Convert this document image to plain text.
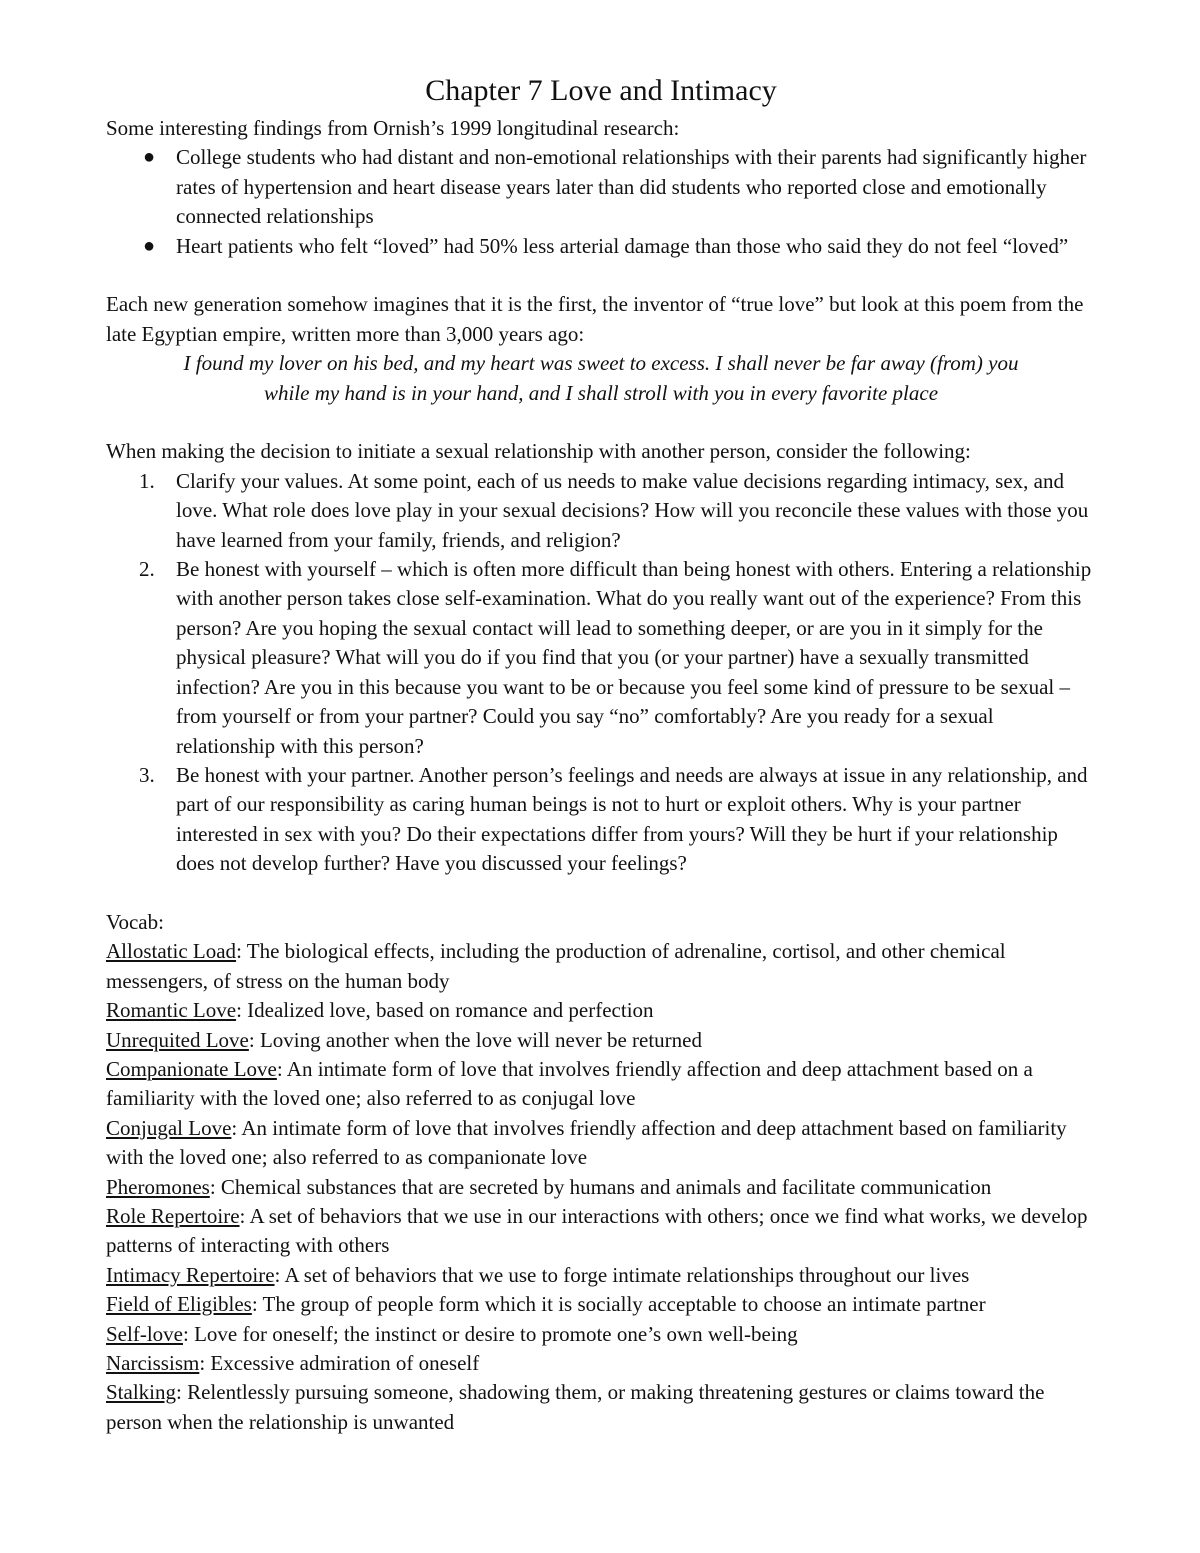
Chapter 7 Love and Intimacy

Some interesting findings from Ornish’s 1999 longitudinal research:

● College students who had distant and non-emotional relationships with their parents had significantly higher rates of hypertension and heart disease years later than did students who reported close and emotionally connected relationships
● Heart patients who felt “loved” had 50% less arterial damage than those who said they do not feel “loved”

Each new generation somehow imagines that it is the first, the inventor of “true love” but look at this poem from the late Egyptian empire, written more than 3,000 years ago:

I found my lover on his bed, and my heart was sweet to excess. I shall never be far away (from) you

while my hand is in your hand, and I shall stroll with you in every favorite place

When making the decision to initiate a sexual relationship with another person, consider the following:

1. Clarify your values. At some point, each of us needs to make value decisions regarding intimacy, sex, and love. What role does love play in your sexual decisions? How will you reconcile these values with those you have learned from your family, friends, and religion?
2. Be honest with yourself – which is often more difficult than being honest with others. Entering a relationship with another person takes close self-examination. What do you really want out of the experience? From this person? Are you hoping the sexual contact will lead to something deeper, or are you in it simply for the physical pleasure? What will you do if you find that you (or your partner) have a sexually transmitted infection? Are you in this because you want to be or because you feel some kind of pressure to be sexual – from yourself or from your partner? Could you say “no” comfortably? Are you ready for a sexual relationship with this person?
3. Be honest with your partner. Another person’s feelings and needs are always at issue in any relationship, and part of our responsibility as caring human beings is not to hurt or exploit others. Why is your partner interested in sex with you? Do their expectations differ from yours? Will they be hurt if your relationship does not develop further? Have you discussed your feelings?

Vocab:

Allostatic Load: The biological effects, including the production of adrenaline, cortisol, and other chemical messengers, of stress on the human body

Romantic Love: Idealized love, based on romance and perfection

Unrequited Love: Loving another when the love will never be returned

Companionate Love: An intimate form of love that involves friendly affection and deep attachment based on a familiarity with the loved one; also referred to as conjugal love

Conjugal Love: An intimate form of love that involves friendly affection and deep attachment based on familiarity with the loved one; also referred to as companionate love

Pheromones: Chemical substances that are secreted by humans and animals and facilitate communication

Role Repertoire: A set of behaviors that we use in our interactions with others; once we find what works, we develop patterns of interacting with others

Intimacy Repertoire: A set of behaviors that we use to forge intimate relationships throughout our lives

Field of Eligibles: The group of people form which it is socially acceptable to choose an intimate partner

Self-love: Love for oneself; the instinct or desire to promote one’s own well-being

Narcissism: Excessive admiration of oneself

Stalking: Relentlessly pursuing someone, shadowing them, or making threatening gestures or claims toward the person when the relationship is unwanted
